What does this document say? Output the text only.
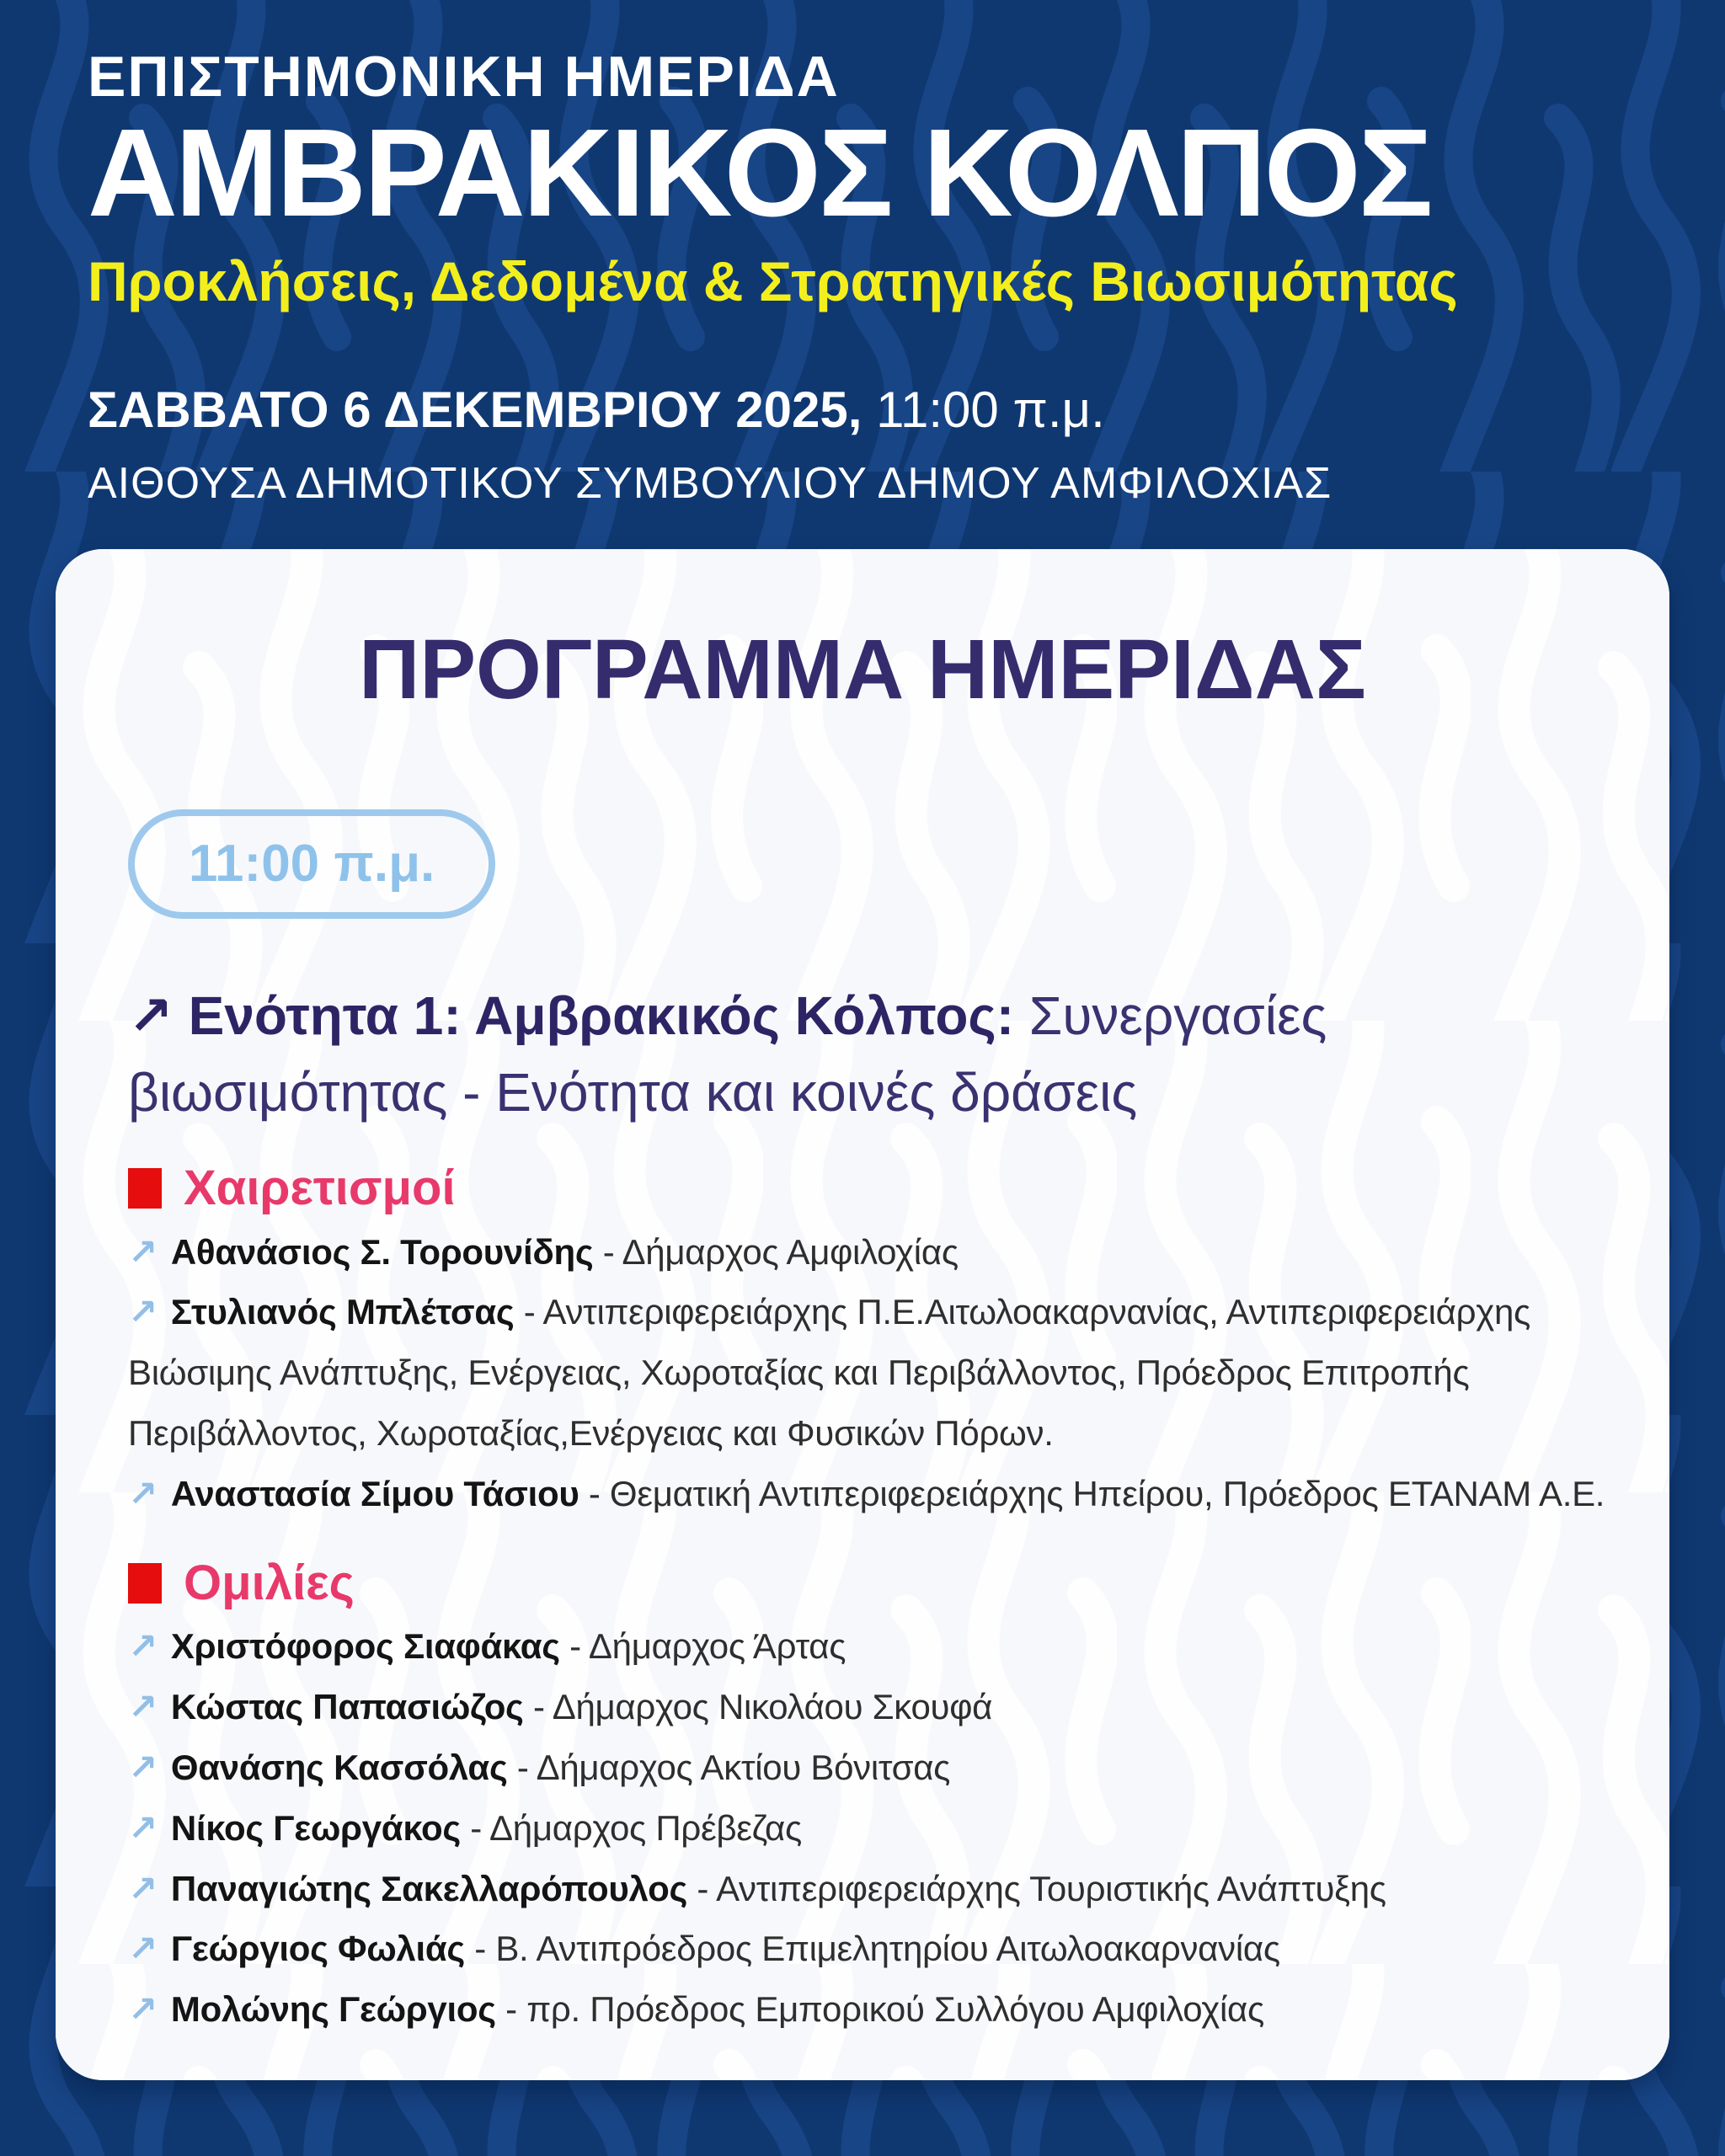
ΕΠΙΣΤΗΜΟΝΙΚΗ ΗΜΕΡΙΔΑ
ΑΜΒΡΑΚΙΚΟΣ ΚΟΛΠΟΣ
Προκλήσεις, Δεδομένα & Στρατηγικές Βιωσιμότητας
ΣΑΒΒΑΤΟ 6 ΔΕΚΕΜΒΡΙΟΥ 2025, 11:00 π.μ.
ΑΙΘΟΥΣΑ ΔΗΜΟΤΙΚΟΥ ΣΥΜΒΟΥΛΙΟΥ ΔΗΜΟΥ ΑΜΦΙΛΟΧΙΑΣ
ΠΡΟΓΡΑΜΜΑ ΗΜΕΡΙΔΑΣ
11:00 π.μ.
↗ Ενότητα 1: Αμβρακικός Κόλπος: Συνεργασίες βιωσιμότητας - Ενότητα και κοινές δράσεις
Χαιρετισμοί

↗ Αθανάσιος Σ. Τορουνίδης - Δήμαρχος Αμφιλοχίας

↗ Στυλιανός Μπλέτσας - Αντιπεριφερειάρχης Π.Ε.Αιτωλοακαρνανίας, Αντιπεριφερειάρχης Βιώσιμης Ανάπτυξης, Ενέργειας, Χωροταξίας και Περιβάλλοντος, Πρόεδρος Επιτροπής Περιβάλλοντος, Χωροταξίας,Ενέργειας και Φυσικών Πόρων.

↗ Αναστασία Σίμου Τάσιου - Θεματική Αντιπεριφερειάρχης Ηπείρου, Πρόεδρος ΕΤΑΝΑΜ Α.Ε.

Ομιλίες

↗ Χριστόφορος Σιαφάκας - Δήμαρχος Άρτας

↗ Κώστας Παπασιώζος - Δήμαρχος Νικολάου Σκουφά

↗ Θανάσης Κασσόλας - Δήμαρχος Ακτίου Βόνιτσας

↗ Νίκος Γεωργάκος - Δήμαρχος Πρέβεζας

↗ Παναγιώτης Σακελλαρόπουλος - Αντιπεριφερειάρχης Τουριστικής Ανάπτυξης

↗ Γεώργιος Φωλιάς - Β. Αντιπρόεδρος Επιμελητηρίου Αιτωλοακαρνανίας

↗ Μολώνης Γεώργιος - πρ. Πρόεδρος Εμπορικού Συλλόγου Αμφιλοχίας
